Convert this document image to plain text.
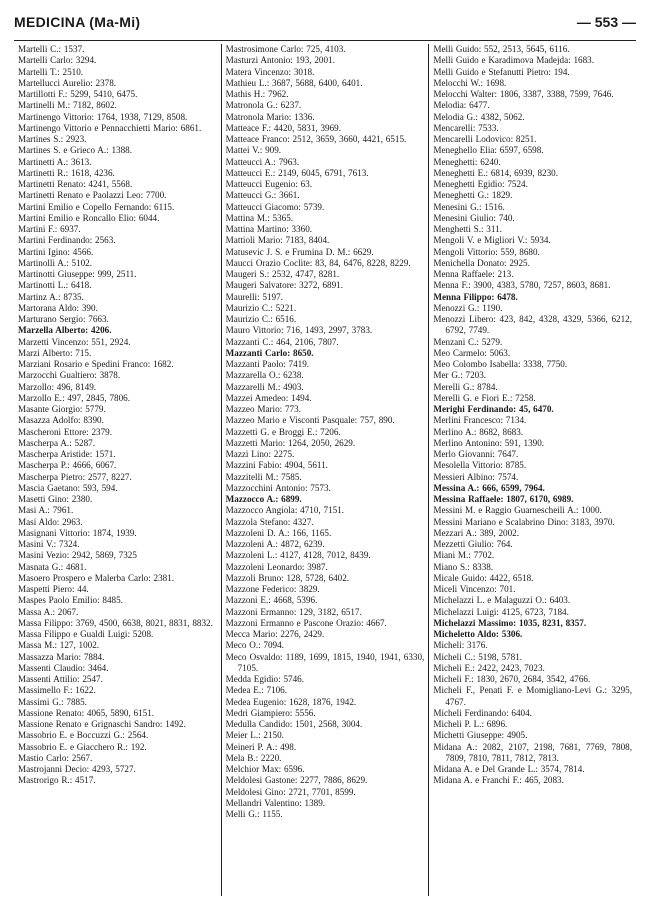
MEDICINA (Ma-Mi)	— 553 —

Martelli C.: 1537.

Martelli Carlo: 3294.

Martelli T.: 2510.

Martellucci Aurelio: 2378.

Martillotti F.: 5299, 5410, 6475.

Martinelli M.: 7182, 8602.

Martinengo Vittorio: 1764, 1938, 7129, 8508.

Martinengo Vittorio e Pennacchietti Mario: 6861.

Martines S.: 2923.

Martines S. e Grieco A.: 1388.

Martinetti A.: 3613.

Martinetti R.: 1618, 4236.

Martinetti Renato: 4241, 5568.

Martinetti Renato e Paolazzi Leo: 7700.

Martini Emilio e Copello Fernando: 6115.

Martini Emilio e Roncallo Elio: 6044.

Martini F.: 6937.

Martini Ferdinando: 2563.

Martini Igino: 4566.

Martinolli A.: 5102.

Martinotti Giuseppe: 999, 2511.

Martinotti L.: 6418.

Martinz A.: 8735.

Martorana Aldo: 390.

Marturano Sergio: 7663.

Marzella Alberto: 4206.

Marzetti Vincenzo: 551, 2924.

Marzi Alberto: 715.

Marziani Rosario e Spedini Franco: 1682.

Marzocchi Gualtiero: 3878.

Marzollo: 496, 8149.

Marzollo E.: 497, 2845, 7806.

Masante Giorgio: 5779.

Masazza Adolfo: 8390.

Mascheroni Ettore: 2379.

Mascherpa A.: 5287.

Mascherpa Aristide: 1571.

Mascherpa P.: 4666, 6067.

Mascherpa Pietro: 2577, 8227.

Mascia Gaetano: 593, 594.

Masetti Gino: 2380.

Masi A.: 7961.

Masi Aldo: 2963.

Masignani Vittorio: 1874, 1939.

Masini V.: 7324.

Masini Vezio: 2942, 5869, 7325

Masnata G.: 4681.

Masoero Prospero e Malerba Carlo: 2381.

Maspetti Piero: 44.

Maspes Paolo Emilio: 8485.

Massa A.: 2067.

Massa Filippo: 3769, 4500, 6638, 8021, 8831, 8832.

Massa Filippo e Gualdi Luigi: 5208.

Massa M.: 127, 1002.

Massazza Mario: 7884.

Massenti Claudio: 3464.

Massenti Attilio: 2547.

Massimello F.: 1622.

Massimi G.: 7885.

Massione Renato: 4065, 5890, 6151.

Massione Renato e Grignaschi Sandro: 1492.

Massobrio E. e Boccuzzi G.: 2564.

Massobrio E. e Giacchero R.: 192.

Mastio Carlo: 2567.

Mastrojanni Decio: 4293, 5727.

Mastrorigo R.: 4517.

Mastrosimone Carlo: 725, 4103.

Masturzi Antonio: 193, 2001.

Matera Vincenzo: 3018.

Mathieu L.: 3687, 5688, 6400, 6401.

Mathis H.: 7962.

Matronola G.: 6237.

Matronola Mario: 1336.

Matteace F.: 4420, 5831, 3969.

Matteace Franco: 2512, 3659, 3660, 4421, 6515.

Mattei V.: 909.

Matteucci A.: 7963.

Matteucci E.: 2149, 6045, 6791, 7613.

Matteucci Eugenio: 63.

Matteucci G.: 3661.

Matteucci Giacomo: 5739.

Mattina M.: 5365.

Mattina Martino: 3360.

Mattioli Mario: 7183, 8404.

Matusevic J. S. e Frumina D. M.: 6629.

Maucci Orazio Coclite: 83, 84, 6476, 8228, 8229.

Maugeri S.: 2532, 4747, 8281.

Maugeri Salvatore: 3272, 6891.

Maurelli: 5197.

Maurizio C.: 5221.

Maurizio C.: 6516.

Mauro Vittorio: 716, 1493, 2997, 3783.

Mazzanti C.: 464, 2106, 7807.

Mazzanti Carlo: 8650.

Mazzanti Paolo: 7419.

Mazzarella O.: 6238.

Mazzarelli M.: 4903.

Mazzei Amedeo: 1494.

Mazzeo Mario: 773.

Mazzeo Mario e Visconti Pasquale: 757, 890.

Mazzetti G. e Broggi E.: 7206.

Mazzetti Mario: 1264, 2050, 2629.

Mazzi Lino: 2275.

Mazzini Fabio: 4904, 5611.

Mazzitelli M.: 7585.

Mazzocchini Antonio: 7573.

Mazzocco A.: 6899.

Mazzocco Angiola: 4710, 7151.

Mazzola Stefano: 4327.

Mazzoleni D. A.: 166, 1165.

Mazzoleni A.: 4872, 6239.

Mazzoleni L.: 4127, 4128, 7012, 8439.

Mazzoleni Leonardo: 3987.

Mazzoli Bruno: 128, 5728, 6402.

Mazzone Federico: 3829.

Mazzoni E.: 4668, 5396.

Mazzoni Ermanno: 129, 3182, 6517.

Mazzoni Ermanno e Pascone Orazio: 4667.

Mecca Mario: 2276, 2429.

Meco O.: 7094.

Meco Osvaldo: 1189, 1699, 1815, 1940, 1941, 6330, 7105.

Medda Egidio: 5746.

Medea E.: 7106.

Medea Eugenio: 1628, 1876, 1942.

Medri Giampiero: 5556.

Medulla Candido: 1501, 2568, 3004.

Meier L.: 2150.

Meineri P. A.: 498.

Mela B.: 2220.

Melchior Max: 6596.

Meldolesi Gastone: 2277, 7886, 8629.

Meldolesi Gino: 2721, 7701, 8599.

Mellandri Valentino: 1389.

Melli G.: 1155.

Melli Guido: 552, 2513, 5645, 6116.

Melli Guido e Karadimova Madejda: 1683.

Melli Guido e Stefanutti Pietro: 194.

Melocchi W.: 1698.

Melocchi Walter: 1806, 3387, 3388, 7599, 7646.

Melodia: 6477.

Melodia G.: 4382, 5062.

Mencarelli: 7533.

Mencarelli Lodovico: 8251.

Meneghello Elia: 6597, 6598.

Meneghetti: 6240.

Meneghetti E.: 6814, 6939, 8230.

Meneghetti Egidio: 7524.

Meneghetti G.: 1829.

Menesini G.: 1516.

Menesini Giulio: 740.

Menghetti S.: 311.

Mengoli V. e Migliori V.: 5934.

Mengoli Vittorio: 559, 8680.

Menichella Donato: 2925.

Menna Raffaele: 213.

Menna F.: 3900, 4383, 5780, 7257, 8603, 8681.

Menna Filippo: 6478.

Menozzi G.: 1190.

Menozzi Libero: 423, 842, 4328, 4329, 5366, 6212, 6792, 7749.

Menzani C.: 5279.

Meo Carmelo: 5063.

Meo Colombo Isabella: 3338, 7750.

Mer G.: 7203.

Merelli G.: 8784.

Merelli G. e Fiori E.: 7258.

Merighi Ferdinando: 45, 6470.

Merlini Francesco: 7134.

Merlino A.: 8682, 8683.

Merlino Antonino: 591, 1390.

Merlo Giovanni: 7647.

Mesolella Vittorio: 8785.

Messieri Albino: 7574.

Messina A.: 666, 6599, 7964.

Messina Raffaele: 1807, 6170, 6989.

Messini M. e Raggio Guarnescheili A.: 1000.

Messini Mariano e Scalabrino Dino: 3183, 3970.

Mezzari A.: 389, 2002.

Mezzetti Giulio: 764.

Miani M.: 7702.

Miano S.: 8338.

Micale Guido: 4422, 6518.

Miceli Vincenzo: 701.

Michelazzi L. e Malaguzzi O.: 6403.

Michelazzi Luigi: 4125, 6723, 7184.

Michelazzi Massimo: 1035, 8231, 8357.

Micheletto Aldo: 5306.

Micheli: 3176.

Micheli C.: 5198, 5781.

Micheli E.: 2422, 2423, 7023.

Micheli F.: 1830, 2670, 2684, 3542, 4766.

Micheli F., Penati F. e Momigliano-Levi G.: 3295, 4767.

Micheli Ferdinando: 6404.

Micheli P. L.: 6896.

Michetti Giuseppe: 4905.

Midana A.: 2082, 2107, 2198, 7681, 7769, 7808, 7809, 7810, 7811, 7812, 7813.

Midana A. e Del Grande L.: 3574, 7814.

Midana A. e Franchi F.: 465, 2083.
